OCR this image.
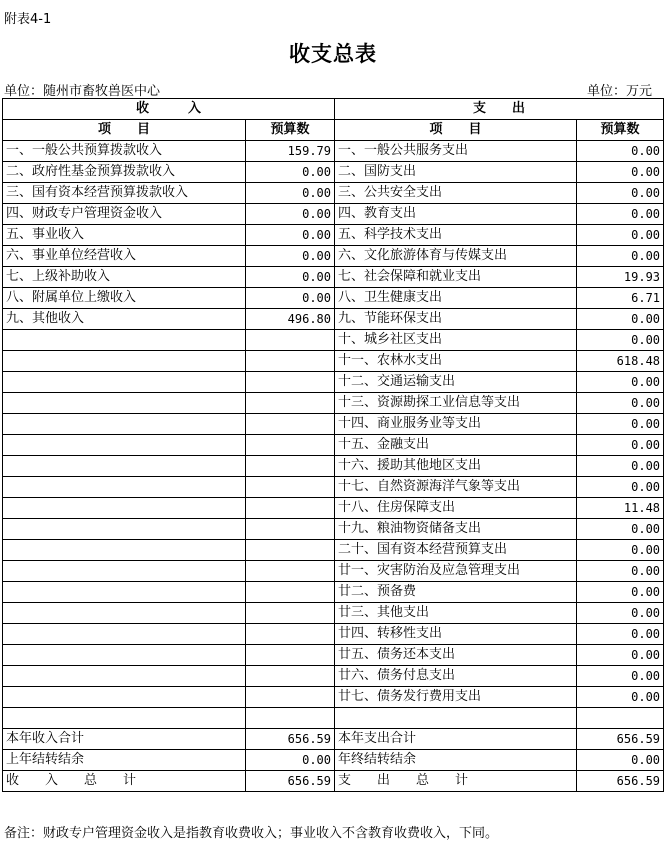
附表4-1
收支总表
单位：随州市畜牧兽医中心	单位：万元
收　　　入		支　　出	
项　　目	预算数	项　　目	预算数
一、一般公共预算拨款收入	159.79	一、一般公共服务支出	0.00
二、政府性基金预算拨款收入	0.00	二、国防支出	0.00
三、国有资本经营预算拨款收入	0.00	三、公共安全支出	0.00
四、财政专户管理资金收入	0.00	四、教育支出	0.00
五、事业收入	0.00	五、科学技术支出	0.00
六、事业单位经营收入	0.00	六、文化旅游体育与传媒支出	0.00
七、上级补助收入	0.00	七、社会保障和就业支出	19.93
八、附属单位上缴收入	0.00	八、卫生健康支出	6.71
九、其他收入	496.80	九、节能环保支出	0.00
		十、城乡社区支出	0.00
		十一、农林水支出	618.48
		十二、交通运输支出	0.00
		十三、资源勘探工业信息等支出	0.00
		十四、商业服务业等支出	0.00
		十五、金融支出	0.00
		十六、援助其他地区支出	0.00
		十七、自然资源海洋气象等支出	0.00
		十八、住房保障支出	11.48
		十九、粮油物资储备支出	0.00
		二十、国有资本经营预算支出	0.00
		廿一、灾害防治及应急管理支出	0.00
		廿二、预备费	0.00
		廿三、其他支出	0.00
		廿四、转移性支出	0.00
		廿五、债务还本支出	0.00
		廿六、债务付息支出	0.00
		廿七、债务发行费用支出	0.00

本年收入合计	656.59	本年支出合计	656.59
上年结转结余	0.00	年终结转结余	0.00
收　　入　　总　　计	656.59	支　　出　　总　　计	656.59
备注：财政专户管理资金收入是指教育收费收入；事业收入不含教育收费收入，下同。
